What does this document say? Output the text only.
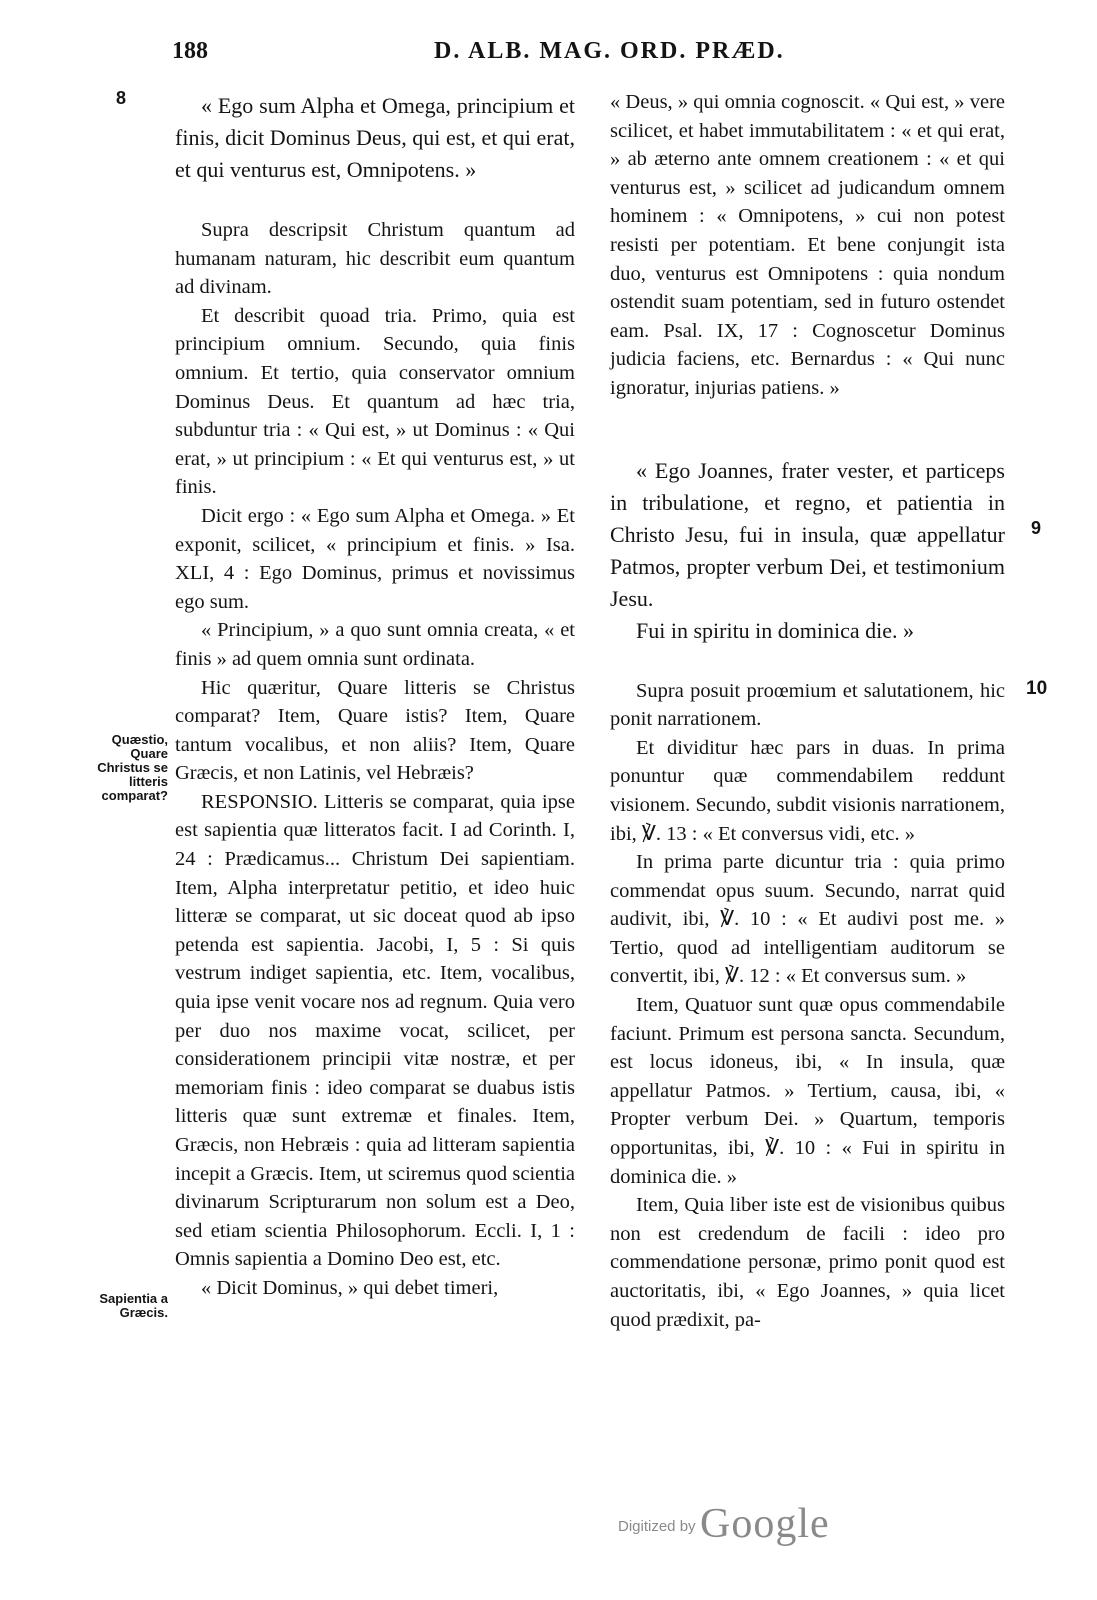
188	D. ALB. MAG. ORD. PRÆD.
8
9
10
Quæstio, Quare Christus se litteris comparat?
Sapientia a Græcis.

« Ego sum Alpha et Omega, principium et finis, dicit Dominus Deus, qui est, et qui erat, et qui venturus est, Omnipotens. »

Supra descripsit Christum quantum ad humanam naturam, hic describit eum quantum ad divinam.

Et describit quoad tria. Primo, quia est principium omnium. Secundo, quia finis omnium. Et tertio, quia conservator omnium Dominus Deus. Et quantum ad hæc tria, subduntur tria : « Qui est, » ut Dominus : « Qui erat, » ut principium : « Et qui venturus est, » ut finis.

Dicit ergo : « Ego sum Alpha et Omega. » Et exponit, scilicet, « principium et finis. » Isa. XLI, 4 : Ego Dominus, primus et novissimus ego sum.

« Principium, » a quo sunt omnia creata, « et finis » ad quem omnia sunt ordinata.

Hic quæritur, Quare litteris se Christus comparat? Item, Quare istis? Item, Quare tantum vocalibus, et non aliis? Item, Quare Græcis, et non Latinis, vel Hebræis?

RESPONSIO. Litteris se comparat, quia ipse est sapientia quæ litteratos facit. I ad Corinth. I, 24 : Prædicamus... Christum Dei sapientiam. Item, Alpha interpretatur petitio, et ideo huic litteræ se comparat, ut sic doceat quod ab ipso petenda est sapientia. Jacobi, I, 5 : Si quis vestrum indiget sapientia, etc. Item, vocalibus, quia ipse venit vocare nos ad regnum. Quia vero per duo nos maxime vocat, scilicet, per considerationem principii vitæ nostræ, et per memoriam finis : ideo comparat se duabus istis litteris quæ sunt extremæ et finales. Item, Græcis, non Hebræis : quia ad litteram sapientia incepit a Græcis. Item, ut sciremus quod scientia divinarum Scripturarum non solum est a Deo, sed etiam scientia Philosophorum. Eccli. I, 1 : Omnis sapientia a Domino Deo est, etc.

« Dicit Dominus, » qui debet timeri,

« Deus, » qui omnia cognoscit. « Qui est, » vere scilicet, et habet immutabilitatem : « et qui erat, » ab æterno ante omnem creationem : « et qui venturus est, » scilicet ad judicandum omnem hominem : « Omnipotens, » cui non potest resisti per potentiam. Et bene conjungit ista duo, venturus est Omnipotens : quia nondum ostendit suam potentiam, sed in futuro ostendet eam. Psal. IX, 17 : Cognoscetur Dominus judicia faciens, etc. Bernardus : « Qui nunc ignoratur, injurias patiens. »

« Ego Joannes, frater vester, et particeps in tribulatione, et regno, et patientia in Christo Jesu, fui in insula, quæ appellatur Patmos, propter verbum Dei, et testimonium Jesu.

Fui in spiritu in dominica die. »

Supra posuit proœmium et salutationem, hic ponit narrationem.

Et dividitur hæc pars in duas. In prima ponuntur quæ commendabilem reddunt visionem. Secundo, subdit visionis narrationem, ibi, ℣. 13 : « Et conversus vidi, etc. »

In prima parte dicuntur tria : quia primo commendat opus suum. Secundo, narrat quid audivit, ibi, ℣. 10 : « Et audivi post me. » Tertio, quod ad intelligentiam auditorum se convertit, ibi, ℣. 12 : « Et conversus sum. »

Item, Quatuor sunt quæ opus commendabile faciunt. Primum est persona sancta. Secundum, est locus idoneus, ibi, « In insula, quæ appellatur Patmos. » Tertium, causa, ibi, « Propter verbum Dei. » Quartum, temporis opportunitas, ibi, ℣. 10 : « Fui in spiritu in dominica die. »

Item, Quia liber iste est de visionibus quibus non est credendum de facili : ideo pro commendatione personæ, primo ponit quod est auctoritatis, ibi, « Ego Joannes, » quia licet quod prædixit, pa-

Digitized by Google
